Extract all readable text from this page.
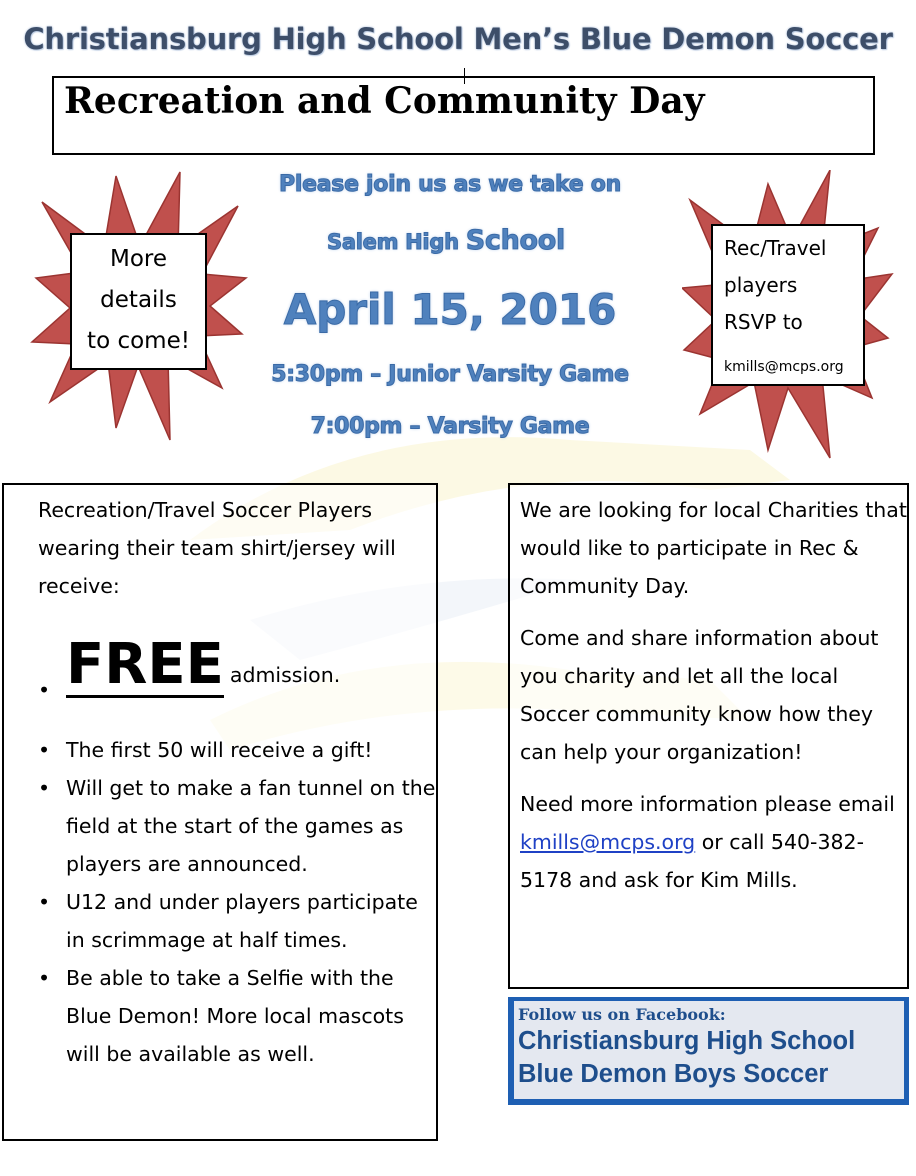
Christiansburg High School Men’s Blue Demon Soccer
Recreation and Community Day
More
details
to come!
Rec/Travel
players
RSVP to
kmills@mcps.org
Please join us as we take on
Salem High School
April 15, 2016
5:30pm – Junior Varsity Game
7:00pm – Varsity Game

Recreation/Travel Soccer Players wearing their team shirt/jersey will receive:

• FREE admission.
• The first 50 will receive a gift!
• Will get to make a fan tunnel on the field at the start of the games as players are announced.
• U12 and under players participate in scrimmage at half times.
• Be able to take a Selfie with the Blue Demon! More local mascots will be available as well.

We are looking for local Charities that would like to participate in Rec & Community Day.

Come and share information about you charity and let all the local Soccer community know how they can help your organization!

Need more information please email kmills@mcps.org or call 540-382-5178 and ask for Kim Mills.

Follow us on Facebook:
Christiansburg High School
Blue Demon Boys Soccer
